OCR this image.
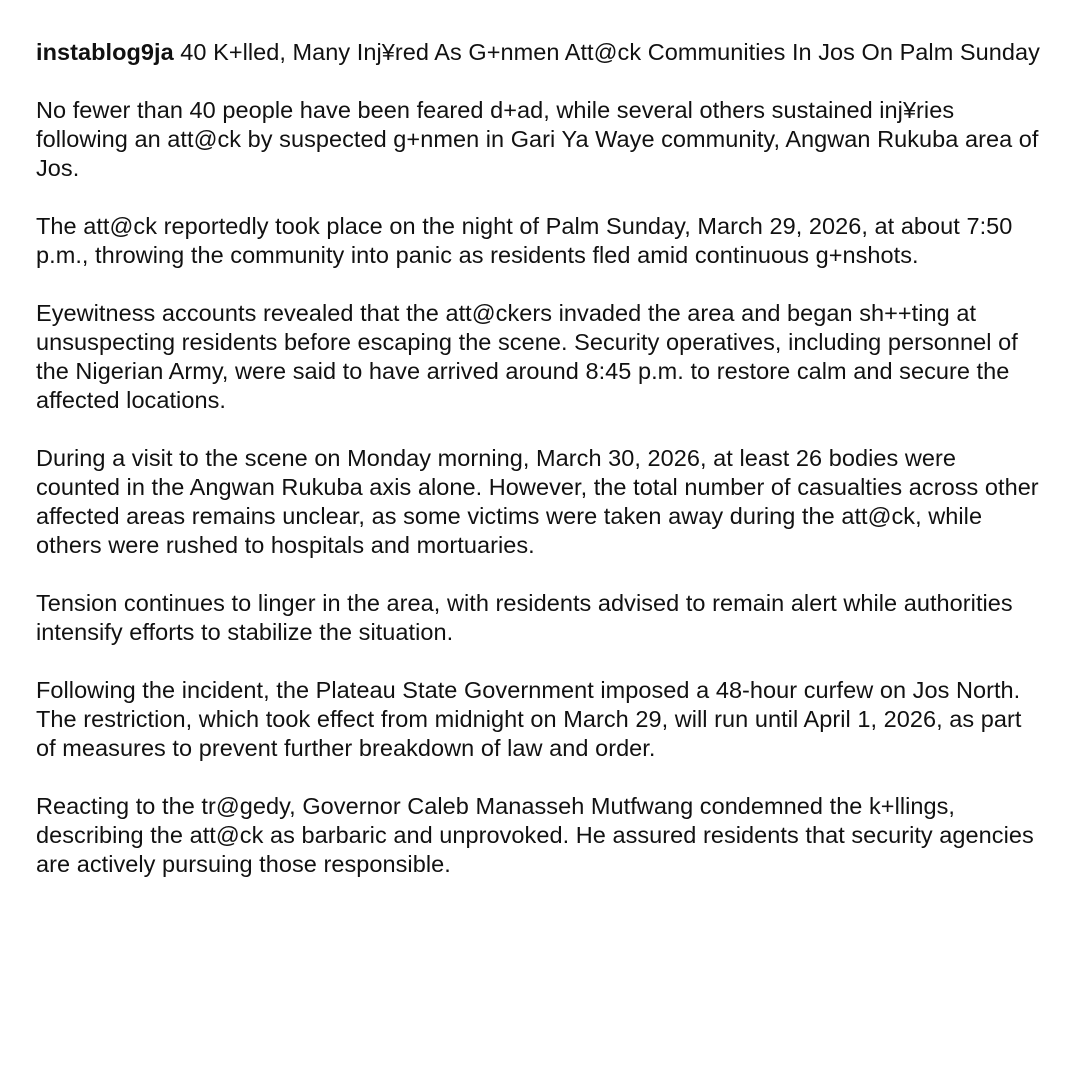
instablog9ja 40 K+lled, Many Inj¥red As G+nmen Att@ck Communities In Jos On Palm Sunday

No fewer than 40 people have been feared d+ad, while several others sustained inj¥ries following an att@ck by suspected g+nmen in Gari Ya Waye community, Angwan Rukuba area of Jos.

The att@ck reportedly took place on the night of Palm Sunday, March 29, 2026, at about 7:50 p.m., throwing the community into panic as residents fled amid continuous g+nshots.

Eyewitness accounts revealed that the att@ckers invaded the area and began sh++ting at unsuspecting residents before escaping the scene. Security operatives, including personnel of the Nigerian Army, were said to have arrived around 8:45 p.m. to restore calm and secure the affected locations.

During a visit to the scene on Monday morning, March 30, 2026, at least 26 bodies were counted in the Angwan Rukuba axis alone. However, the total number of casualties across other affected areas remains unclear, as some victims were taken away during the att@ck, while others were rushed to hospitals and mortuaries.

Tension continues to linger in the area, with residents advised to remain alert while authorities intensify efforts to stabilize the situation.

Following the incident, the Plateau State Government imposed a 48-hour curfew on Jos North. The restriction, which took effect from midnight on March 29, will run until April 1, 2026, as part of measures to prevent further breakdown of law and order.

Reacting to the tr@gedy, Governor Caleb Manasseh Mutfwang condemned the k+llings, describing the att@ck as barbaric and unprovoked. He assured residents that security agencies are actively pursuing those responsible.
